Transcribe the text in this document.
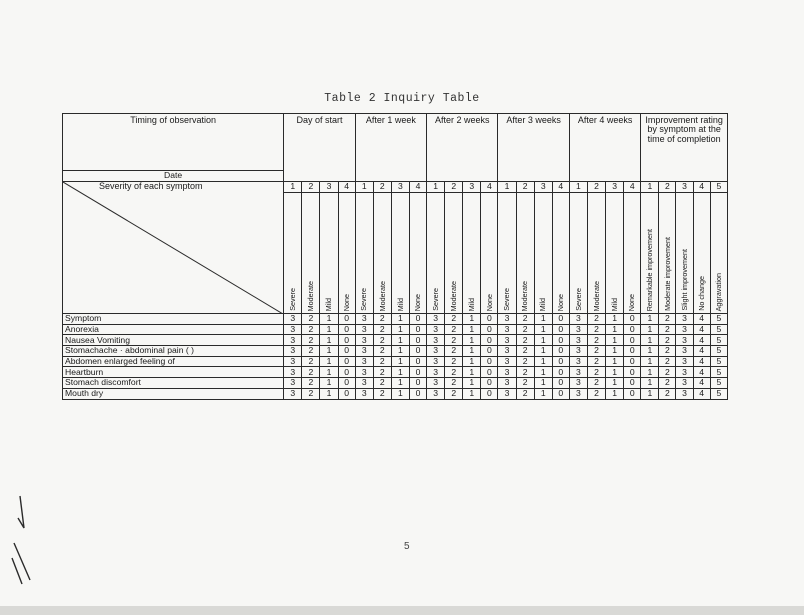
Table 2 Inquiry Table
Timing of observation	Day of start				After 1 week				After 2 weeks				After 3 weeks				After 4 weeks				Improvement rating by symptom at the time of completion				
Date																									

Severity of each symptom	1	2	3	4	1	2	3	4	1	2	3	4	1	2	3	4	1	2	3	4	1	2	3	4	5
	Severe	Moderate	Mild	None	Severe	Moderate	Mild	None	Severe	Moderate	Mild	None	Severe	Moderate	Mild	None	Severe	Moderate	Mild	None	Remarkable improvement	Moderate improvement	Slight improvement	No change	Aggravation
Symptom	3	2	1	0	3	2	1	0	3	2	1	0	3	2	1	0	3	2	1	0	1	2	3	4	5
Anorexia	3	2	1	0	3	2	1	0	3	2	1	0	3	2	1	0	3	2	1	0	1	2	3	4	5
Nausea Vomiting	3	2	1	0	3	2	1	0	3	2	1	0	3	2	1	0	3	2	1	0	1	2	3	4	5
Stomachache · abdominal pain ( )	3	2	1	0	3	2	1	0	3	2	1	0	3	2	1	0	3	2	1	0	1	2	3	4	5
Abdomen enlarged feeling of	3	2	1	0	3	2	1	0	3	2	1	0	3	2	1	0	3	2	1	0	1	2	3	4	5
Heartburn	3	2	1	0	3	2	1	0	3	2	1	0	3	2	1	0	3	2	1	0	1	2	3	4	5
Stomach discomfort	3	2	1	0	3	2	1	0	3	2	1	0	3	2	1	0	3	2	1	0	1	2	3	4	5
Mouth dry	3	2	1	0	3	2	1	0	3	2	1	0	3	2	1	0	3	2	1	0	1	2	3	4	5
5
